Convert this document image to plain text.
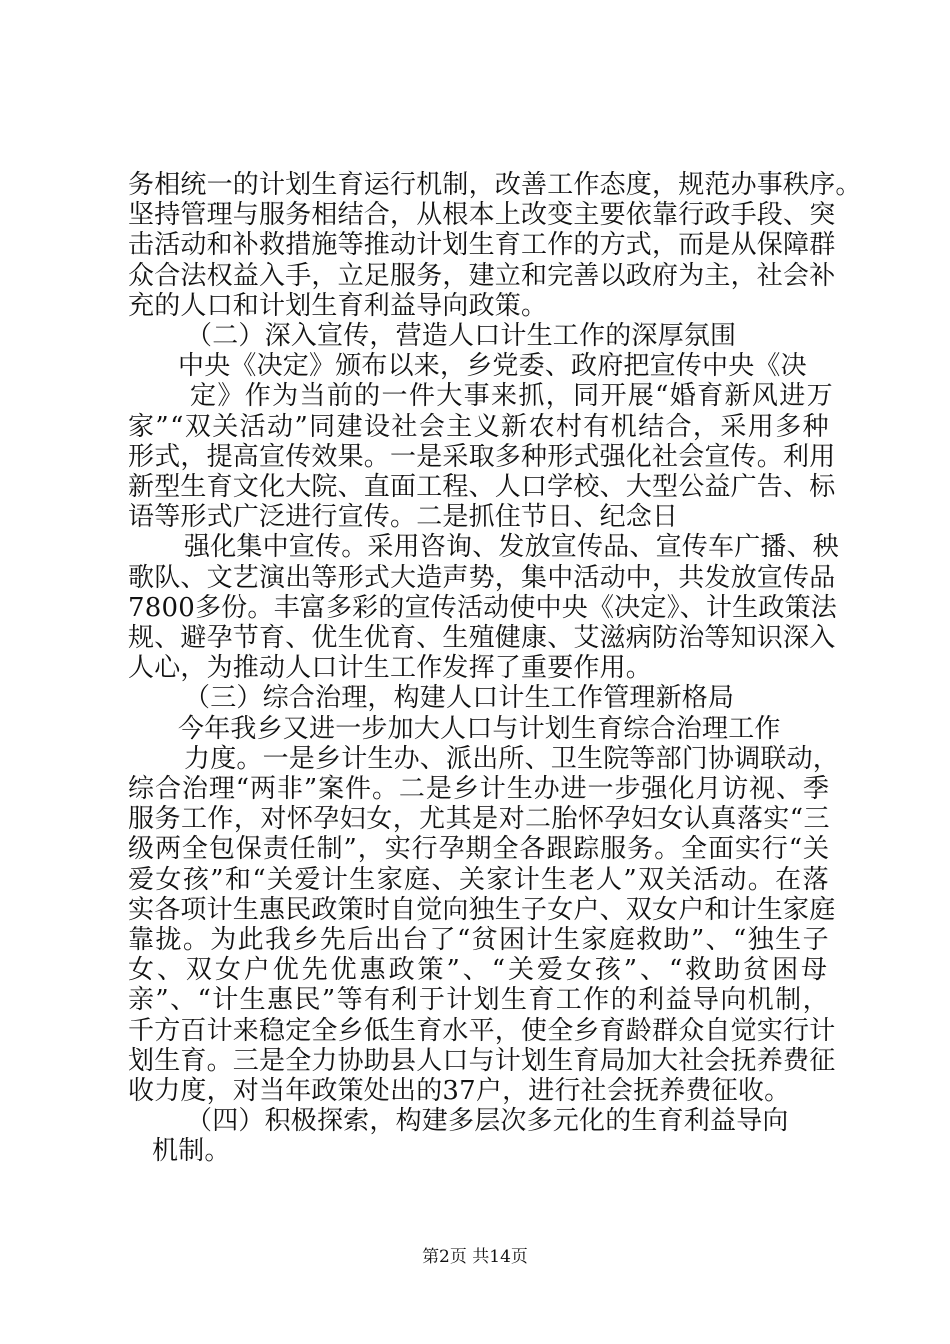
务相统一的计划生育运行机制，改善工作态度，规范办事秩序。
坚持管理与服务相结合，从根本上改变主要依靠行政手段、突
击活动和补救措施等推动计划生育工作的方式，而是从保障群
众合法权益入手，立足服务，建立和完善以政府为主，社会补
充的人口和计划生育利益导向政策。
（二）深入宣传，营造人口计生工作的深厚氛围
中央《决定》颁布以来，乡党委、政府把宣传中央《决
定》作为当前的一件大事来抓，同开展“婚育新风进万
家”“双关活动”同建设社会主义新农村有机结合，采用多种
形式，提高宣传效果。一是采取多种形式强化社会宣传。利用
新型生育文化大院、直面工程、人口学校、大型公益广告、标
语等形式广泛进行宣传。二是抓住节日、纪念日
强化集中宣传。采用咨询、发放宣传品、宣传车广播、秧
歌队、文艺演出等形式大造声势，集中活动中，共发放宣传品
7800多份。丰富多彩的宣传活动使中央《决定》、计生政策法
规、避孕节育、优生优育、生殖健康、艾滋病防治等知识深入
人心，为推动人口计生工作发挥了重要作用。
（三）综合治理，构建人口计生工作管理新格局
今年我乡又进一步加大人口与计划生育综合治理工作
力度。一是乡计生办、派出所、卫生院等部门协调联动，
综合治理“两非”案件。二是乡计生办进一步强化月访视、季
服务工作，对怀孕妇女，尤其是对二胎怀孕妇女认真落实“三
级两全包保责任制”，实行孕期全各跟踪服务。全面实行“关
爱女孩”和“关爱计生家庭、关家计生老人”双关活动。在落
实各项计生惠民政策时自觉向独生子女户、双女户和计生家庭
靠拢。为此我乡先后出台了“贫困计生家庭救助”、“独生子
女、双女户优先优惠政策”、“关爱女孩”、“救助贫困母
亲”、“计生惠民”等有利于计划生育工作的利益导向机制，
千方百计来稳定全乡低生育水平，使全乡育龄群众自觉实行计
划生育。三是全力协助县人口与计划生育局加大社会抚养费征
收力度，对当年政策处出的37户，进行社会抚养费征收。
（四）积极探索，构建多层次多元化的生育利益导向
机制。
第2页 共14页
